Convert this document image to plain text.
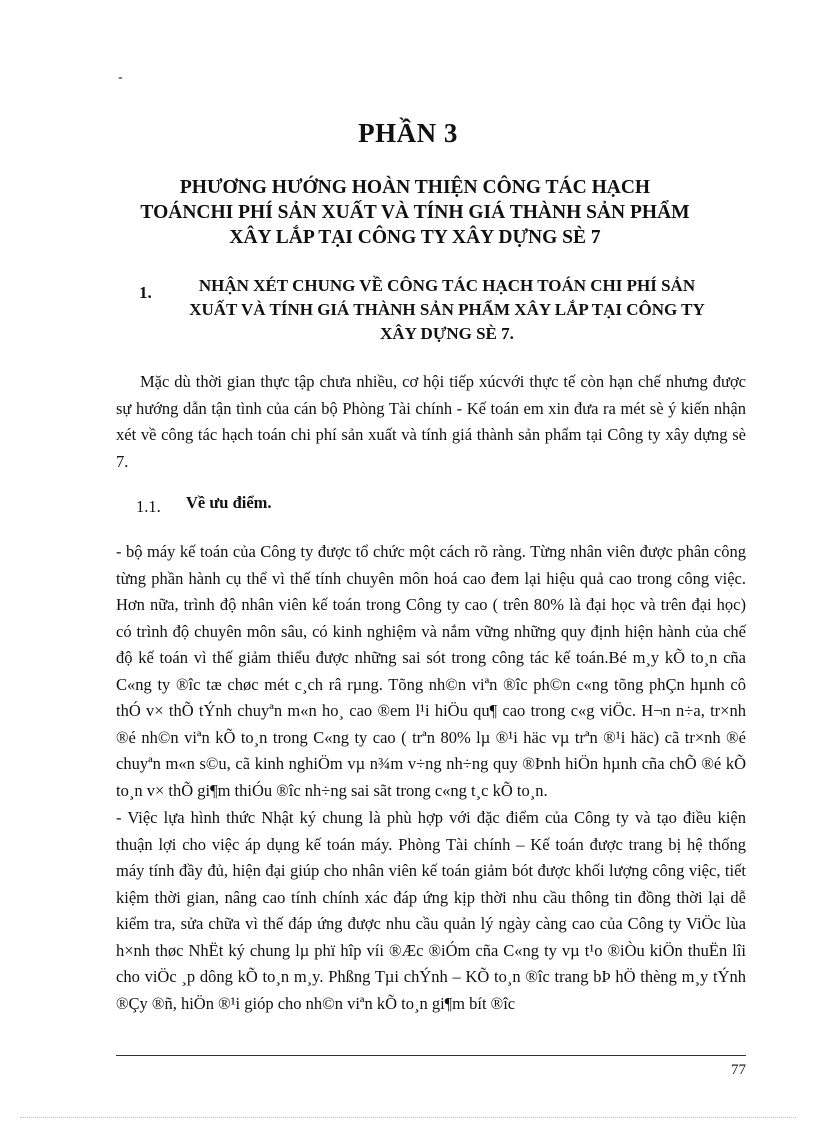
-
PHẦN 3
PHƯƠNG HƯỚNG HOÀN THIỆN CÔNG TÁC HẠCH
TOÁNCHI PHÍ SẢN XUẤT VÀ TÍNH GIÁ THÀNH SẢN PHẨM
XÂY LẮP TẠI CÔNG TY XÂY DỰNG SÈ 7
1.	NHẬN XÉT CHUNG VỀ CÔNG TÁC HẠCH TOÁN CHI PHÍ SẢN
XUẤT VÀ TÍNH GIÁ THÀNH SẢN PHẨM XÂY LẮP TẠI CÔNG TY
XÂY DỰNG SÈ 7.

Mặc dù thời gian thực tập chưa nhiều, cơ hội tiếp xúcvới thực tế còn hạn chế nhưng được sự hướng dẫn tận tình của cán bộ Phòng Tài chính - Kế toán em xin đưa ra mét sè ý kiến nhận xét về công tác hạch toán chi phí sản xuất và tính giá thành sản phẩm tại Công ty xây dựng sè 7.

1.1. Về ưu điểm.

- bộ máy kế toán của Công ty được tổ chức một cách rõ ràng. Từng nhân viên được phân công từng phần hành cụ thể vì thế tính chuyên môn hoá cao đem lại hiệu quả cao trong công việc. Hơn nữa, trình độ nhân viên kế toán trong Công ty cao ( trên 80% là đại học và trên đại học) có trình độ chuyên môn sâu, có kinh nghiệm và nắm vững những quy định hiện hành của chế độ kế toán vì thế giảm thiểu được những sai sót trong công tác kế toán.Bé m¸y kÕ to¸n cña C«ng ty ®îc tæ chøc mét c¸ch râ rµng. Tõng nh©n viªn ®îc ph©n c«ng tõng phÇn hµnh cô thÓ v× thÕ tÝnh chuyªn m«n ho¸ cao ®em l¹i hiÖu qu¶ cao trong c«g viÖc. H¬n n÷a, tr×nh ®é nh©n viªn kÕ to¸n trong C«ng ty cao ( trªn 80% lµ ®¹i häc vµ trªn ®¹i häc) cã tr×nh ®é chuyªn m«n s©u, cã kinh nghiÖm vµ n¾m v÷ng nh÷ng quy ®Þnh hiÖn hµnh cña chÕ ®é kÕ to¸n v× thÕ gi¶m thiÓu ®îc nh÷ng sai sãt trong c«ng t¸c kÕ to¸n.

- Việc lựa hình thức Nhật ký chung là phù hợp với đặc điểm của Công ty và tạo điều kiện thuận lợi cho việc áp dụng kế toán máy. Phòng Tài chính – Kế toán được trang bị hệ thống máy tính đầy đủ, hiện đại giúp cho nhân viên kế toán giảm bót được khối lượng công việc, tiết kiệm thời gian, nâng cao tính chính xác đáp ứng kịp thời nhu cầu thông tin đồng thời lại dễ kiểm tra, sửa chữa vì thế đáp ứng được nhu cầu quản lý ngày càng cao của Công ty ViÖc lùa h×nh thøc NhËt ký chung lµ phï hîp víi ®Æc ®iÓm cña C«ng ty vµ t¹o ®iÒu kiÖn thuËn lîi cho viÖc ¸p dông kÕ to¸n m¸y. Phßng Tµi chÝnh – KÕ to¸n ®îc trang bÞ hÖ thèng m¸y tÝnh ®Çy ®ñ, hiÖn ®¹i gióp cho nh©n viªn kÕ to¸n gi¶m bít ®îc

77
